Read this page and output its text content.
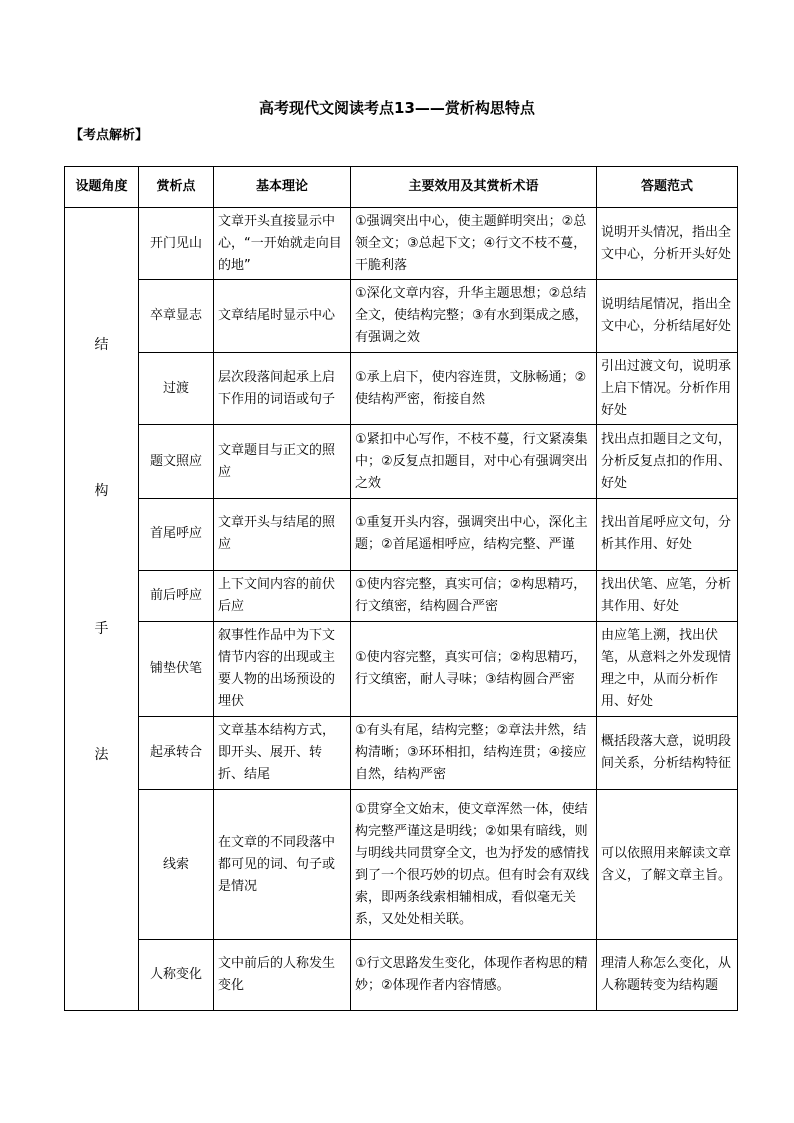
高考现代文阅读考点13——赏析构思特点
【考点解析】
设题角度	赏析点	基本理论	主要效用及其赏析术语	答题范式

结
构
手
法	开门见山	文章开头直接显示中心，“一开始就走向目的地”	①强调突出中心，使主题鲜明突出；②总领全文；③总起下文；④行文不枝不蔓，干脆利落	说明开头情况，指出全文中心，分析开头好处
	卒章显志	文章结尾时显示中心	①深化文章内容，升华主题思想；②总结全文，使结构完整；③有水到渠成之感，有强调之效	说明结尾情况，指出全文中心，分析结尾好处
	过渡	层次段落间起承上启下作用的词语或句子	①承上启下，使内容连贯，文脉畅通；②使结构严密，衔接自然	引出过渡文句，说明承上启下情况。分析作用好处
	题文照应	文章题目与正文的照应	①紧扣中心写作，不枝不蔓，行文紧凑集中；②反复点扣题目，对中心有强调突出之效	找出点扣题目之文句，分析反复点扣的作用、好处
	首尾呼应	文章开头与结尾的照应	①重复开头内容，强调突出中心，深化主题；②首尾遥相呼应，结构完整、严谨	找出首尾呼应文句，分析其作用、好处
	前后呼应	上下文间内容的前伏后应	①使内容完整，真实可信；②构思精巧，行文缜密，结构圆合严密	找出伏笔、应笔，分析其作用、好处
	铺垫伏笔	叙事性作品中为下文情节内容的出现或主要人物的出场预设的埋伏	①使内容完整，真实可信；②构思精巧，行文缜密，耐人寻味；③结构圆合严密	由应笔上溯，找出伏笔，从意料之外发现情理之中，从而分析作用、好处
	起承转合	文章基本结构方式，即开头、展开、转折、结尾	①有头有尾，结构完整；②章法井然，结构清晰；③环环相扣，结构连贯；④接应自然，结构严密	概括段落大意，说明段间关系，分析结构特征
	线索	在文章的不同段落中都可见的词、句子或是情况	①贯穿全文始末，使文章浑然一体，使结构完整严谨这是明线；②如果有暗线，则与明线共同贯穿全文，也为抒发的感情找到了一个很巧妙的切点。但有时会有双线索，即两条线索相辅相成，看似毫无关系，又处处相关联。	可以依照用来解读文章含义，了解文章主旨。
	人称变化	文中前后的人称发生变化	①行文思路发生变化，体现作者构思的精妙；②体现作者内容情感。	理清人称怎么变化，从人称题转变为结构题
